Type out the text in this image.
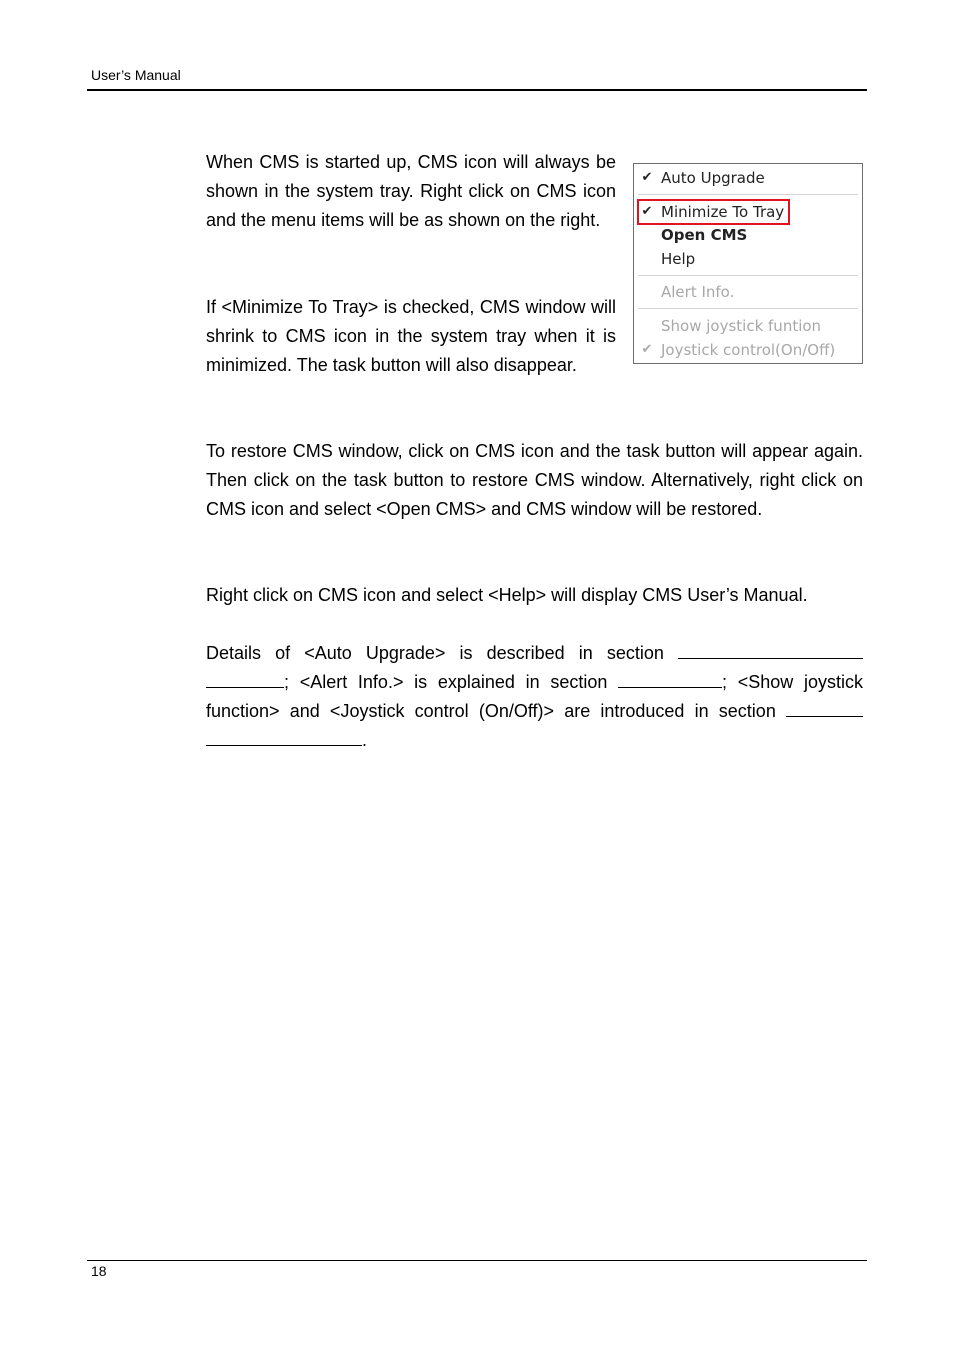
User’s Manual

When CMS is started up, CMS icon will always be shown in the system tray. Right click on CMS icon and the menu items will be as shown on the right.

If <Minimize To Tray> is checked, CMS window will shrink to CMS icon in the system tray when it is minimized. The task button will also disappear.

✔ Auto Upgrade
✔ Minimize To Tray
Open CMS
Help
Alert Info.
Show joystick funtion
✔ Joystick control(On/Off)

To restore CMS window, click on CMS icon and the task button will appear again. Then click on the task button to restore CMS window. Alternatively, right click on CMS icon and select <Open CMS> and CMS window will be restored.

Right click on CMS icon and select <Help> will display CMS User’s Manual.

Details of <Auto Upgrade> is described in section  ; <Alert Info.> is explained in section	; <Show joystick function> and <Joystick control (On/Off)> are introduced in section  .

18
